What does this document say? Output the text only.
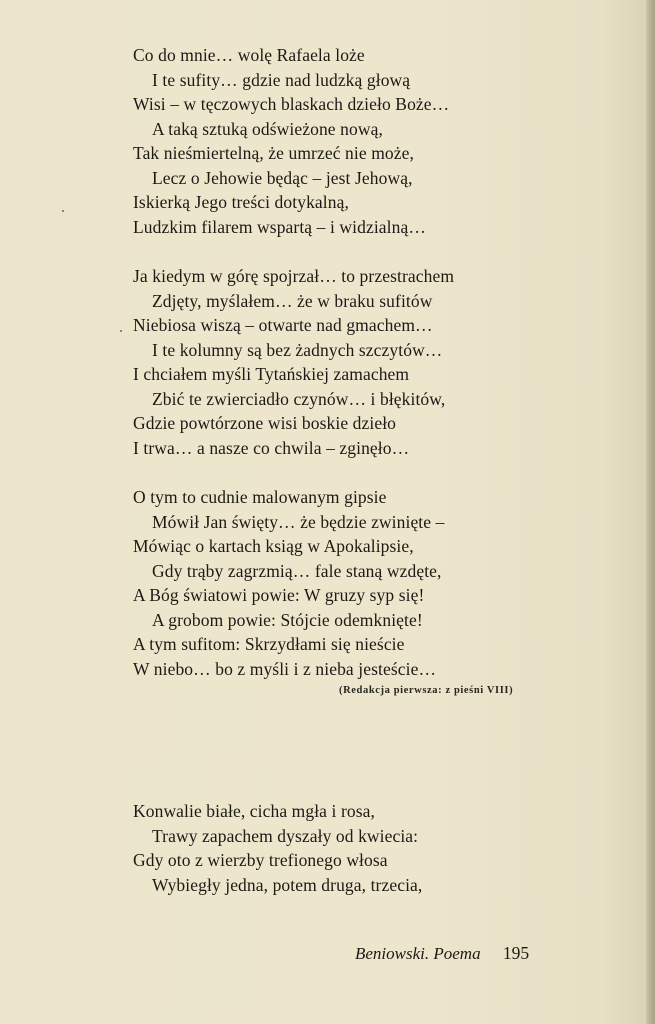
Co do mnie… wolę Rafaela loże
I te sufity… gdzie nad ludzką głową
Wisi – w tęczowych blaskach dzieło Boże…
A taką sztuką odświeżone nową,
Tak nieśmiertelną, że umrzeć nie może,
Lecz o Jehowie będąc – jest Jehową,
Iskierką Jego treści dotykalną,
Ludzkim filarem wspartą – i widzialną…
Ja kiedym w górę spojrzał… to przestrachem
Zdjęty, myślałem… że w braku sufitów
Niebiosa wiszą – otwarte nad gmachem…
I te kolumny są bez żadnych szczytów…
I chciałem myśli Tytańskiej zamachem
Zbić te zwierciadło czynów… i błękitów,
Gdzie powtórzone wisi boskie dzieło
I trwa… a nasze co chwila – zginęło…
O tym to cudnie malowanym gipsie
Mówił Jan święty… że będzie zwinięte –
Mówiąc o kartach ksiąg w Apokalipsie,
Gdy trąby zagrzmią… fale staną wzdęte,
A Bóg światowi powie: W gruzy syp się!
A grobom powie: Stójcie odemknięte!
A tym sufitom: Skrzydłami się nieście
W niebo… bo z myśli i z nieba jesteście…
(Redakcja pierwsza: z pieśni VIII)
Konwalie białe, cicha mgła i rosa,
Trawy zapachem dyszały od kwiecia:
Gdy oto z wierzby trefionego włosa
Wybiegły jedna, potem druga, trzecia,
Beniowski. Poema 195
